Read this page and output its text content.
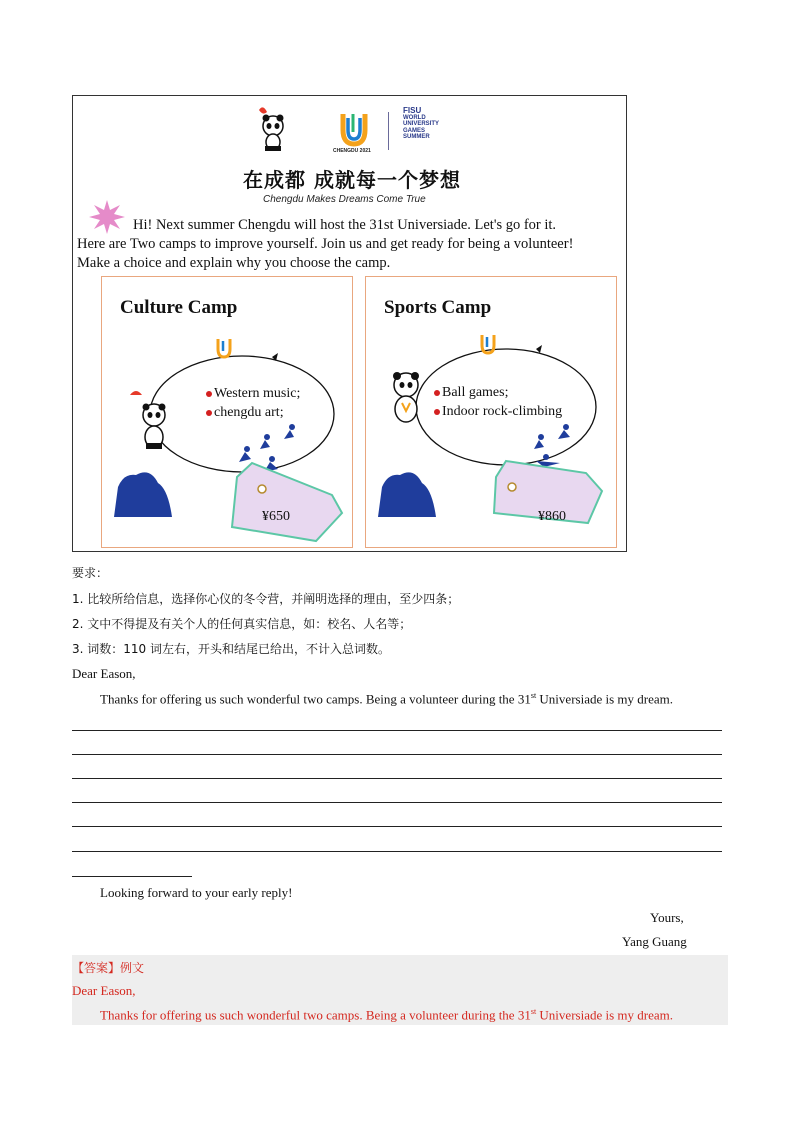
CHENGDU 2021
FISU
WORLD
UNIVERSITY
GAMES
SUMMER
在成都 成就每一个梦想
Chengdu Makes Dreams Come True
Hi! Next summer Chengdu will host the 31st Universiade. Let's go for it.
Here are Two camps to improve yourself. Join us and get ready for being a volunteer!
Make a choice and explain why you choose the camp.
Culture Camp
Western music;
chengdu art;
¥650
Sports Camp
Ball games;
Indoor rock-climbing
¥860
要求：
1. 比较所给信息，选择你心仪的冬令营，并阐明选择的理由，至少四条；
2. 文中不得提及有关个人的任何真实信息，如：校名、人名等；
3. 词数：110 词左右，开头和结尾已给出，不计入总词数。
Dear Eason,
Thanks for offering us such wonderful two camps. Being a volunteer during the 31st Universiade is my dream.
Looking forward to your early reply!
Yours,
Yang Guang
【答案】例文
Dear Eason,
Thanks for offering us such wonderful two camps. Being a volunteer during the 31st Universiade is my dream.
